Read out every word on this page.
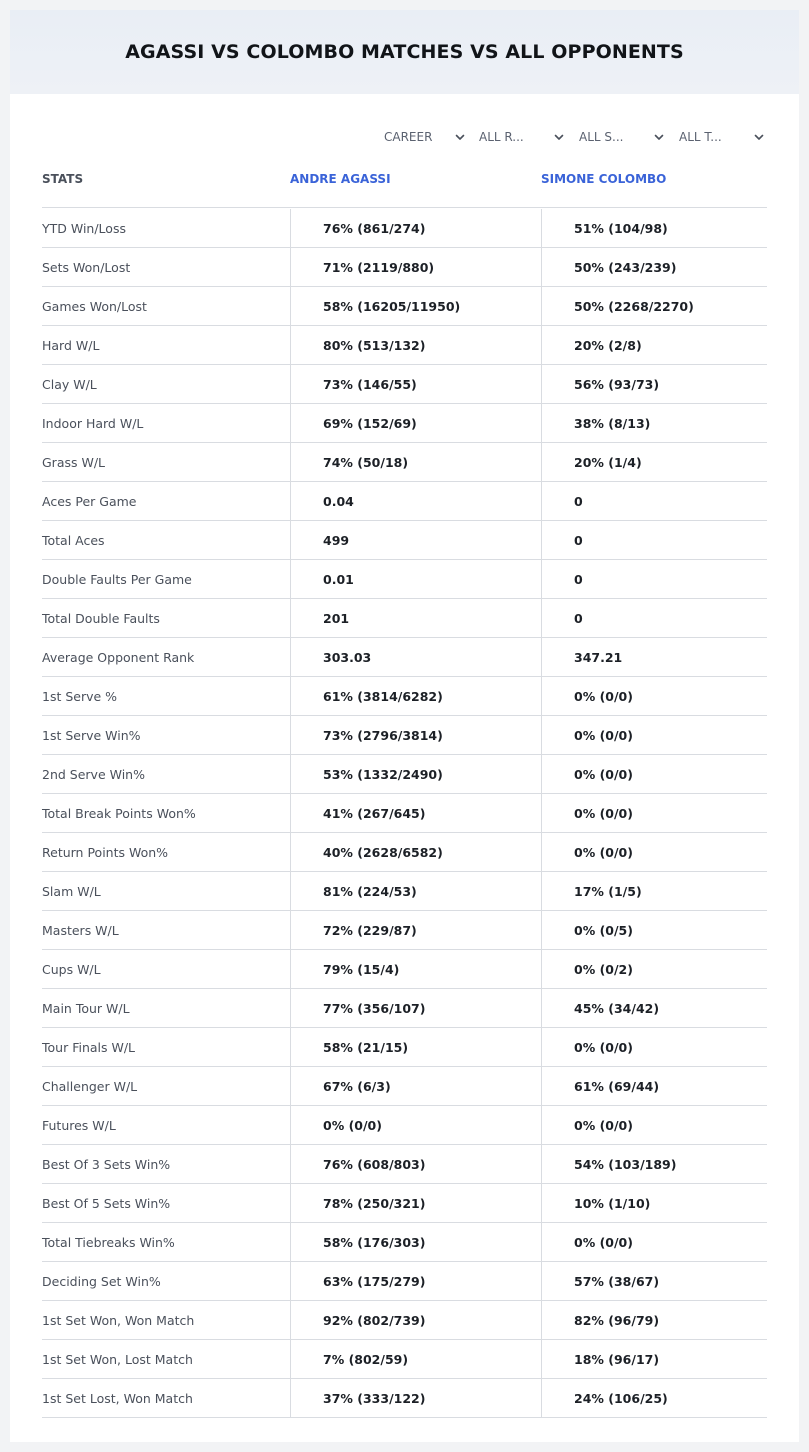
AGASSI VS COLOMBO MATCHES VS ALL OPPONENTS
CAREER	ALL R...	ALL S...	ALL T...
STATS	ANDRE AGASSI	SIMONE COLOMBO
YTD Win/Loss	76% (861/274)	51% (104/98)
Sets Won/Lost	71% (2119/880)	50% (243/239)
Games Won/Lost	58% (16205/11950)	50% (2268/2270)
Hard W/L	80% (513/132)	20% (2/8)
Clay W/L	73% (146/55)	56% (93/73)
Indoor Hard W/L	69% (152/69)	38% (8/13)
Grass W/L	74% (50/18)	20% (1/4)
Aces Per Game	0.04	0
Total Aces	499	0
Double Faults Per Game	0.01	0
Total Double Faults	201	0
Average Opponent Rank	303.03	347.21
1st Serve %	61% (3814/6282)	0% (0/0)
1st Serve Win%	73% (2796/3814)	0% (0/0)
2nd Serve Win%	53% (1332/2490)	0% (0/0)
Total Break Points Won%	41% (267/645)	0% (0/0)
Return Points Won%	40% (2628/6582)	0% (0/0)
Slam W/L	81% (224/53)	17% (1/5)
Masters W/L	72% (229/87)	0% (0/5)
Cups W/L	79% (15/4)	0% (0/2)
Main Tour W/L	77% (356/107)	45% (34/42)
Tour Finals W/L	58% (21/15)	0% (0/0)
Challenger W/L	67% (6/3)	61% (69/44)
Futures W/L	0% (0/0)	0% (0/0)
Best Of 3 Sets Win%	76% (608/803)	54% (103/189)
Best Of 5 Sets Win%	78% (250/321)	10% (1/10)
Total Tiebreaks Win%	58% (176/303)	0% (0/0)
Deciding Set Win%	63% (175/279)	57% (38/67)
1st Set Won, Won Match	92% (802/739)	82% (96/79)
1st Set Won, Lost Match	7% (802/59)	18% (96/17)
1st Set Lost, Won Match	37% (333/122)	24% (106/25)
